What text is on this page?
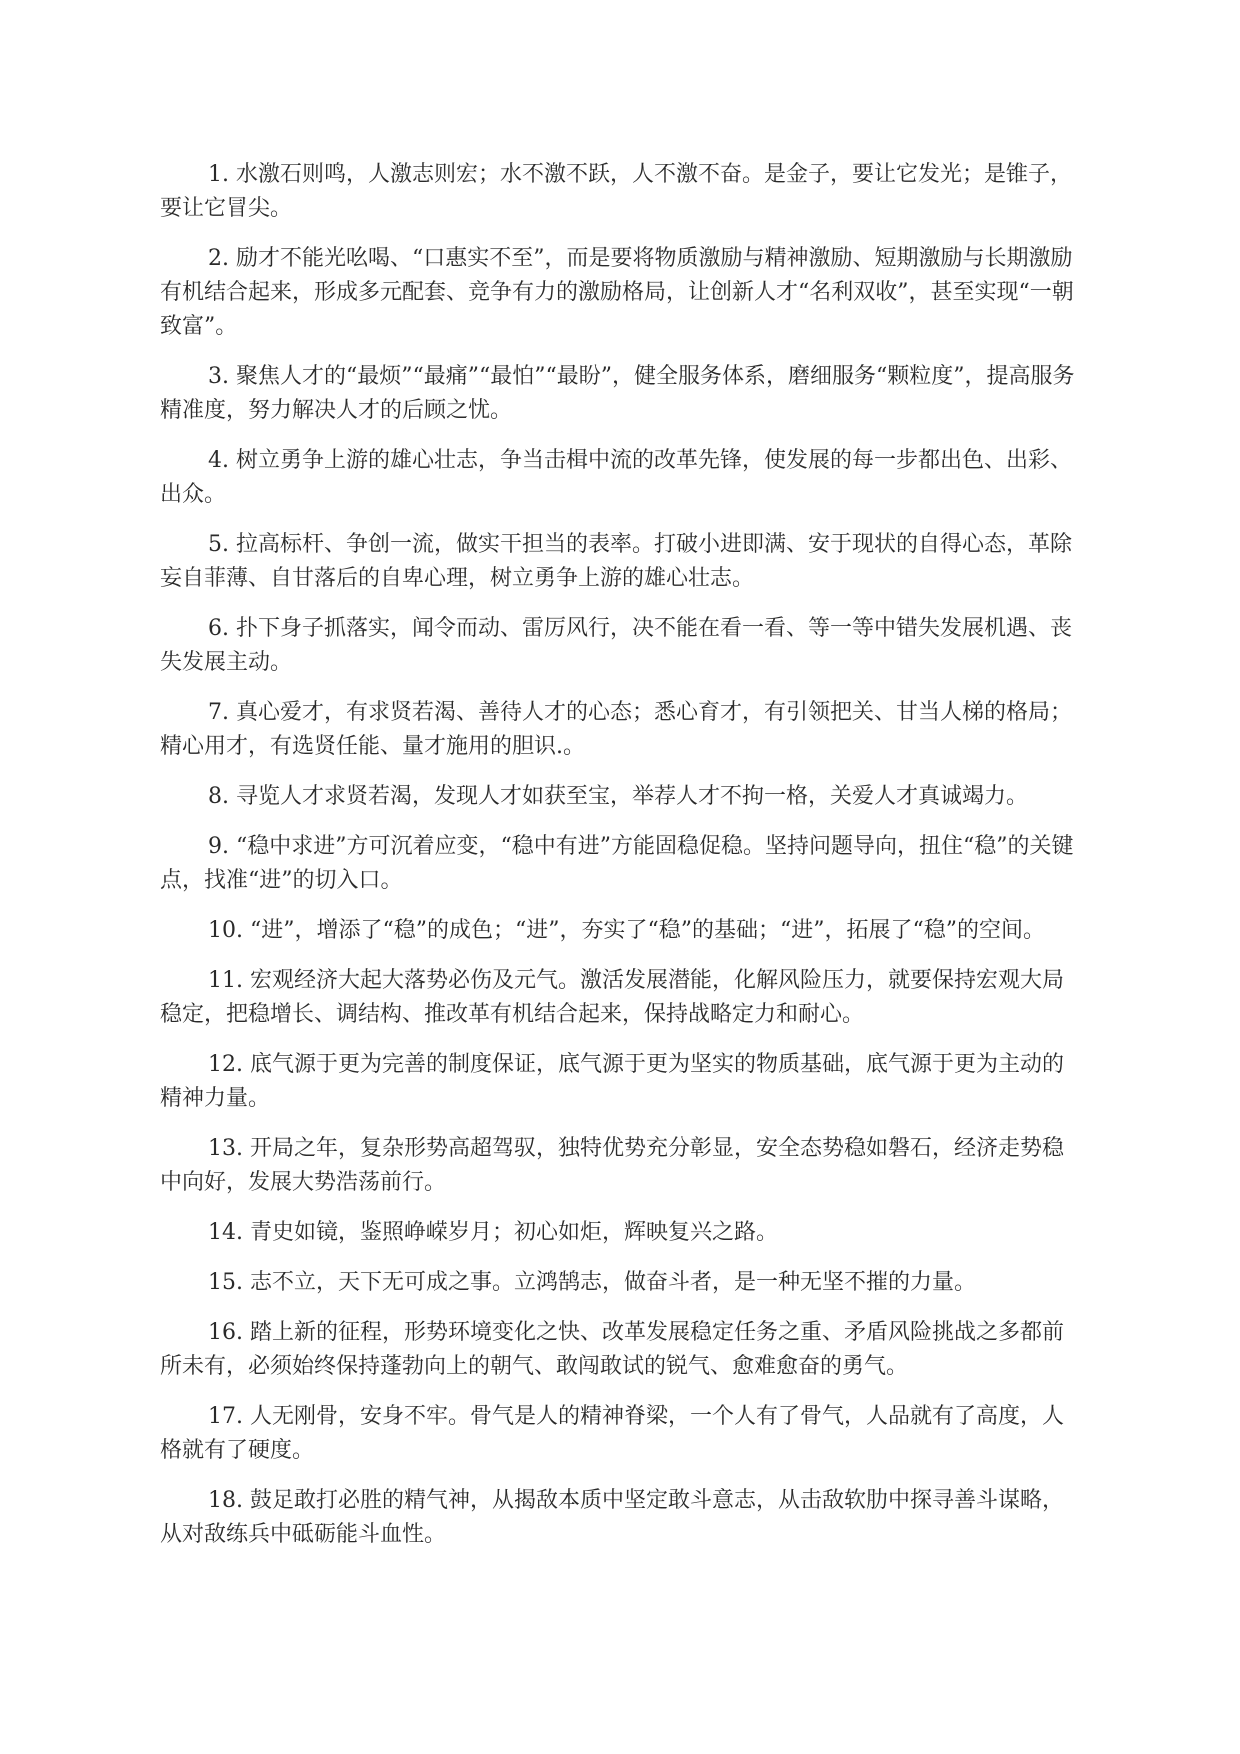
1. 水激石则鸣，人激志则宏；水不激不跃，人不激不奋。是金子，要让它发光；是锥子，要让它冒尖。

2. 励才不能光吆喝、“口惠实不至”，而是要将物质激励与精神激励、短期激励与长期激励有机结合起来，形成多元配套、竞争有力的激励格局，让创新人才“名利双收”，甚至实现“一朝致富”。

3. 聚焦人才的“最烦”“最痛”“最怕”“最盼”，健全服务体系，磨细服务“颗粒度”，提高服务精准度，努力解决人才的后顾之忧。

4. 树立勇争上游的雄心壮志，争当击楫中流的改革先锋，使发展的每一步都出色、出彩、出众。

5. 拉高标杆、争创一流，做实干担当的表率。打破小进即满、安于现状的自得心态，革除妄自菲薄、自甘落后的自卑心理，树立勇争上游的雄心壮志。

6. 扑下身子抓落实，闻令而动、雷厉风行，决不能在看一看、等一等中错失发展机遇、丧失发展主动。

7. 真心爱才，有求贤若渴、善待人才的心态；悉心育才，有引领把关、甘当人梯的格局；精心用才，有选贤任能、量才施用的胆识.。

8. 寻览人才求贤若渴，发现人才如获至宝，举荐人才不拘一格，关爱人才真诚竭力。

9. “稳中求进”方可沉着应变，“稳中有进”方能固稳促稳。坚持问题导向，扭住“稳”的关键点，找准“进”的切入口。

10. “进”，增添了“稳”的成色；“进”，夯实了“稳”的基础；“进”，拓展了“稳”的空间。

11. 宏观经济大起大落势必伤及元气。激活发展潜能，化解风险压力，就要保持宏观大局稳定，把稳增长、调结构、推改革有机结合起来，保持战略定力和耐心。

12. 底气源于更为完善的制度保证，底气源于更为坚实的物质基础，底气源于更为主动的精神力量。

13. 开局之年，复杂形势高超驾驭，独特优势充分彰显，安全态势稳如磐石，经济走势稳中向好，发展大势浩荡前行。

14. 青史如镜，鉴照峥嵘岁月；初心如炬，辉映复兴之路。

15. 志不立，天下无可成之事。立鸿鹄志，做奋斗者，是一种无坚不摧的力量。

16. 踏上新的征程，形势环境变化之快、改革发展稳定任务之重、矛盾风险挑战之多都前所未有，必须始终保持蓬勃向上的朝气、敢闯敢试的锐气、愈难愈奋的勇气。

17. 人无刚骨，安身不牢。骨气是人的精神脊梁，一个人有了骨气，人品就有了高度，人格就有了硬度。

18. 鼓足敢打必胜的精气神，从揭敌本质中坚定敢斗意志，从击敌软肋中探寻善斗谋略，从对敌练兵中砥砺能斗血性。
